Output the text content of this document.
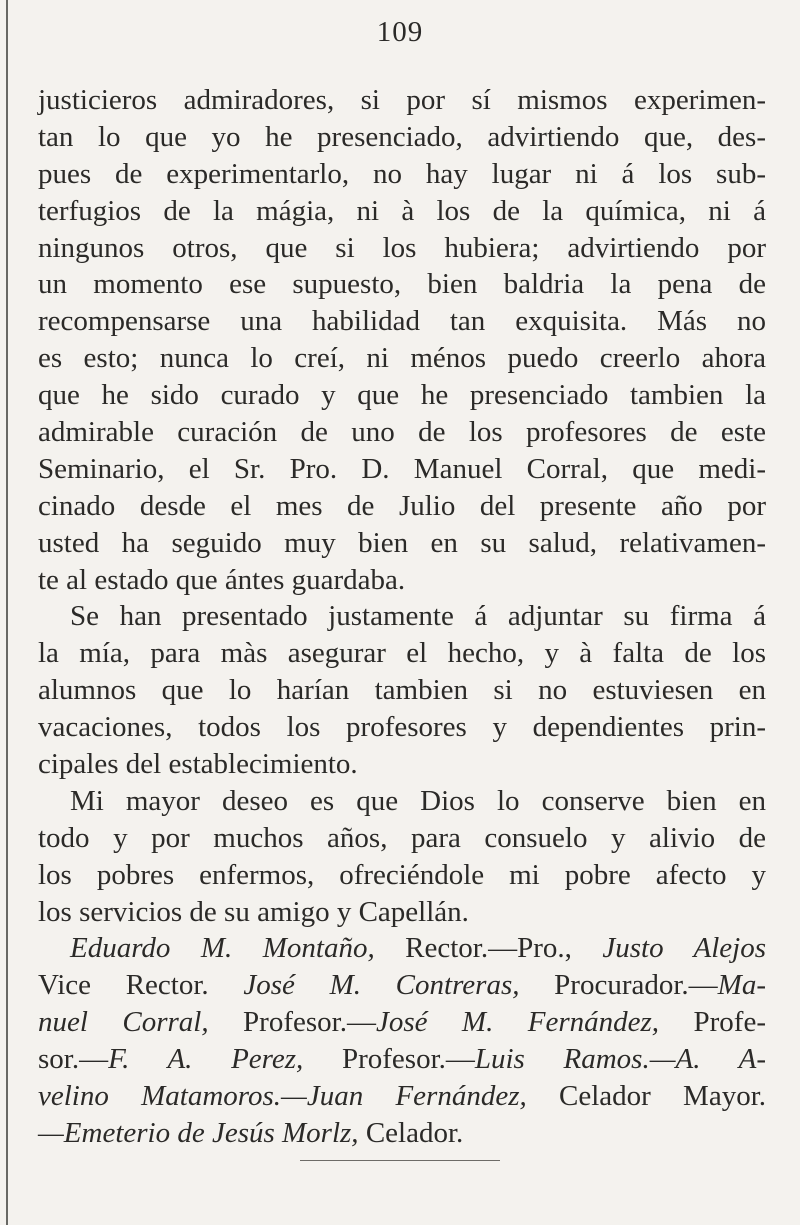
109
justicieros admiradores, si por sí mismos experimen-
tan lo que yo he presenciado, advirtiendo que, des-
pues de experimentarlo, no hay lugar ni á los sub-
terfugios de la mágia, ni à los de la química, ni á
ningunos otros, que si los hubiera; advirtiendo por
un momento ese supuesto, bien baldria la pena de
recompensarse una habilidad tan exquisita. Más no
es esto; nunca lo creí, ni ménos puedo creerlo ahora
que he sido curado y que he presenciado tambien la
admirable curación de uno de los profesores de este
Seminario, el Sr. Pro. D. Manuel Corral, que medi-
cinado desde el mes de Julio del presente año por
usted ha seguido muy bien en su salud, relativamen-
te al estado que ántes guardaba.
Se han presentado justamente á adjuntar su firma á
la mía, para màs asegurar el hecho, y à falta de los
alumnos que lo harían tambien si no estuviesen en
vacaciones, todos los profesores y dependientes prin-
cipales del establecimiento.
Mi mayor deseo es que Dios lo conserve bien en
todo y por muchos años, para consuelo y alivio de
los pobres enfermos, ofreciéndole mi pobre afecto y
los servicios de su amigo y Capellán.
Eduardo M. Montaño, Rector.—Pro., Justo Alejos
Vice Rector. José M. Contreras, Procurador.—Ma-
nuel Corral, Profesor.—José M. Fernández, Profe-
sor.—F. A. Perez, Profesor.—Luis Ramos.—A. A-
velino Matamoros.—Juan Fernández, Celador Mayor.
—Emeterio de Jesús Morlz, Celador.
